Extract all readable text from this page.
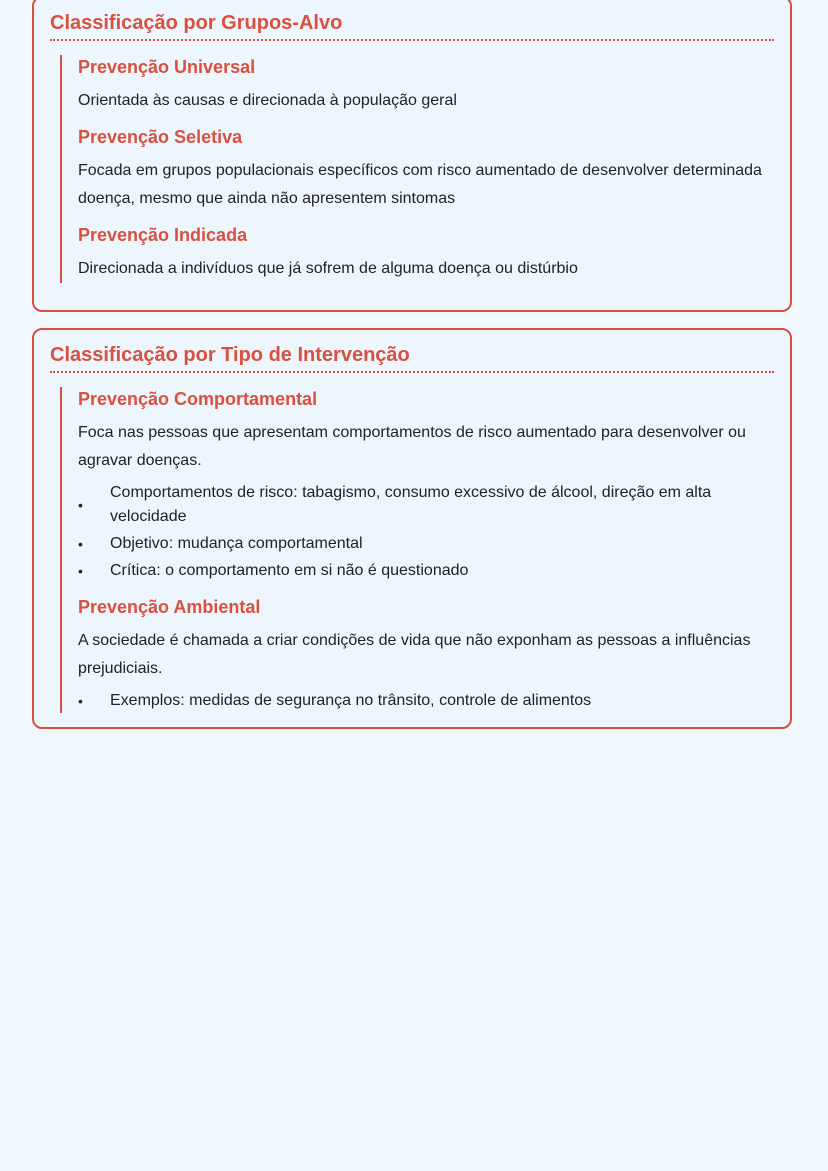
Classificação por Grupos-Alvo
Prevenção Universal

Orientada às causas e direcionada à população geral

Prevenção Seletiva

Focada em grupos populacionais específicos com risco aumentado de desenvolver determinada doença, mesmo que ainda não apresentem sintomas

Prevenção Indicada

Direcionada a indivíduos que já sofrem de alguma doença ou distúrbio

Classificação por Tipo de Intervenção
Prevenção Comportamental

Foca nas pessoas que apresentam comportamentos de risco aumentado para desenvolver ou agravar doenças.

•
Comportamentos de risco: tabagismo, consumo excessivo de álcool, direção em alta velocidade
• Objetivo: mudança comportamental
• Crítica: o comportamento em si não é questionado
Prevenção Ambiental

A sociedade é chamada a criar condições de vida que não exponham as pessoas a influências prejudiciais.

• Exemplos: medidas de segurança no trânsito, controle de alimentos
